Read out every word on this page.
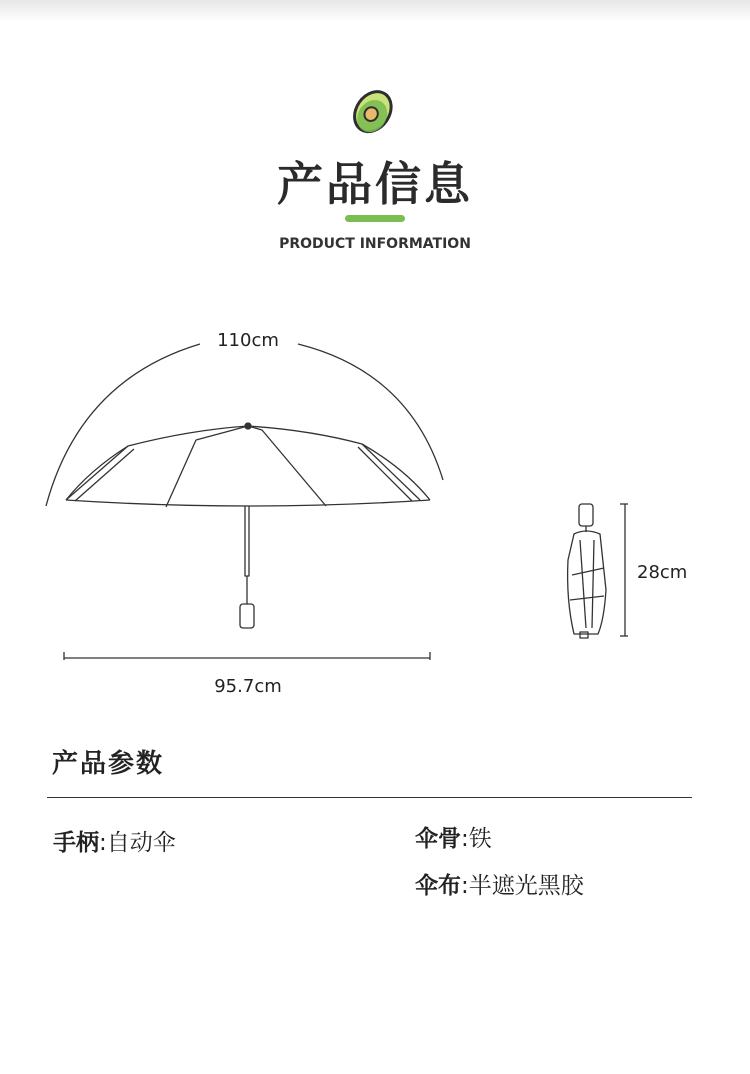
产品信息
PRODUCT INFORMATION
110cm
95.7cm
28cm
产品参数
手柄:自动伞	伞骨:铁
伞布:半遮光黑胶
